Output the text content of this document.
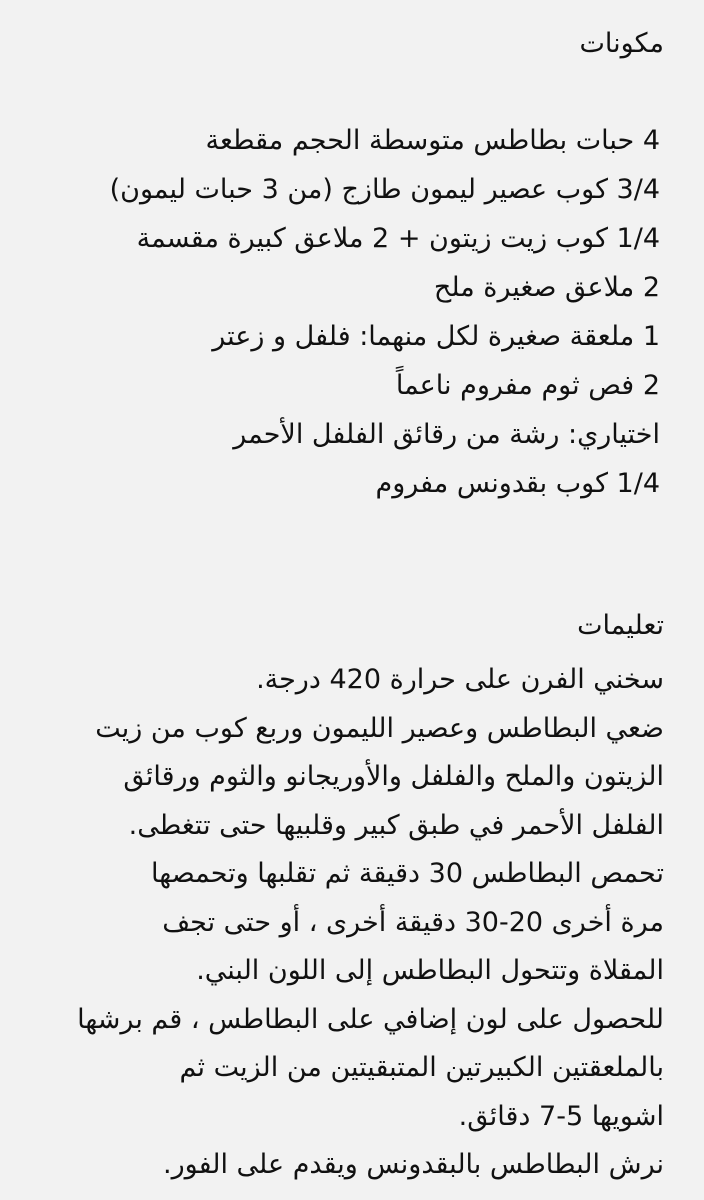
مكونات
4 حبات بطاطس متوسطة الحجم مقطعة
3/4 كوب عصير ليمون طازج (من 3 حبات ليمون)
1/4 كوب زيت زيتون + 2 ملاعق كبيرة مقسمة
2 ملاعق صغيرة ملح
1 ملعقة صغيرة لكل منهما: فلفل و زعتر
2 فص ثوم مفروم ناعماً
اختياري: رشة من رقائق الفلفل الأحمر
1/4 كوب بقدونس مفروم
تعليمات
سخني الفرن على حرارة 420 درجة.
ضعي البطاطس وعصير الليمون وربع كوب من زيت
الزيتون والملح والفلفل والأوريجانو والثوم ورقائق
الفلفل الأحمر في طبق كبير وقلبيها حتى تتغطى.
تحمص البطاطس 30 دقيقة ثم تقلبها وتحمصها
مرة أخرى 20-30 دقيقة أخرى ، أو حتى تجف
المقلاة وتتحول البطاطس إلى اللون البني.
للحصول على لون إضافي على البطاطس ، قم برشها
بالملعقتين الكبيرتين المتبقيتين من الزيت ثم
اشويها 5-7 دقائق.
نرش البطاطس بالبقدونس ويقدم على الفور.
